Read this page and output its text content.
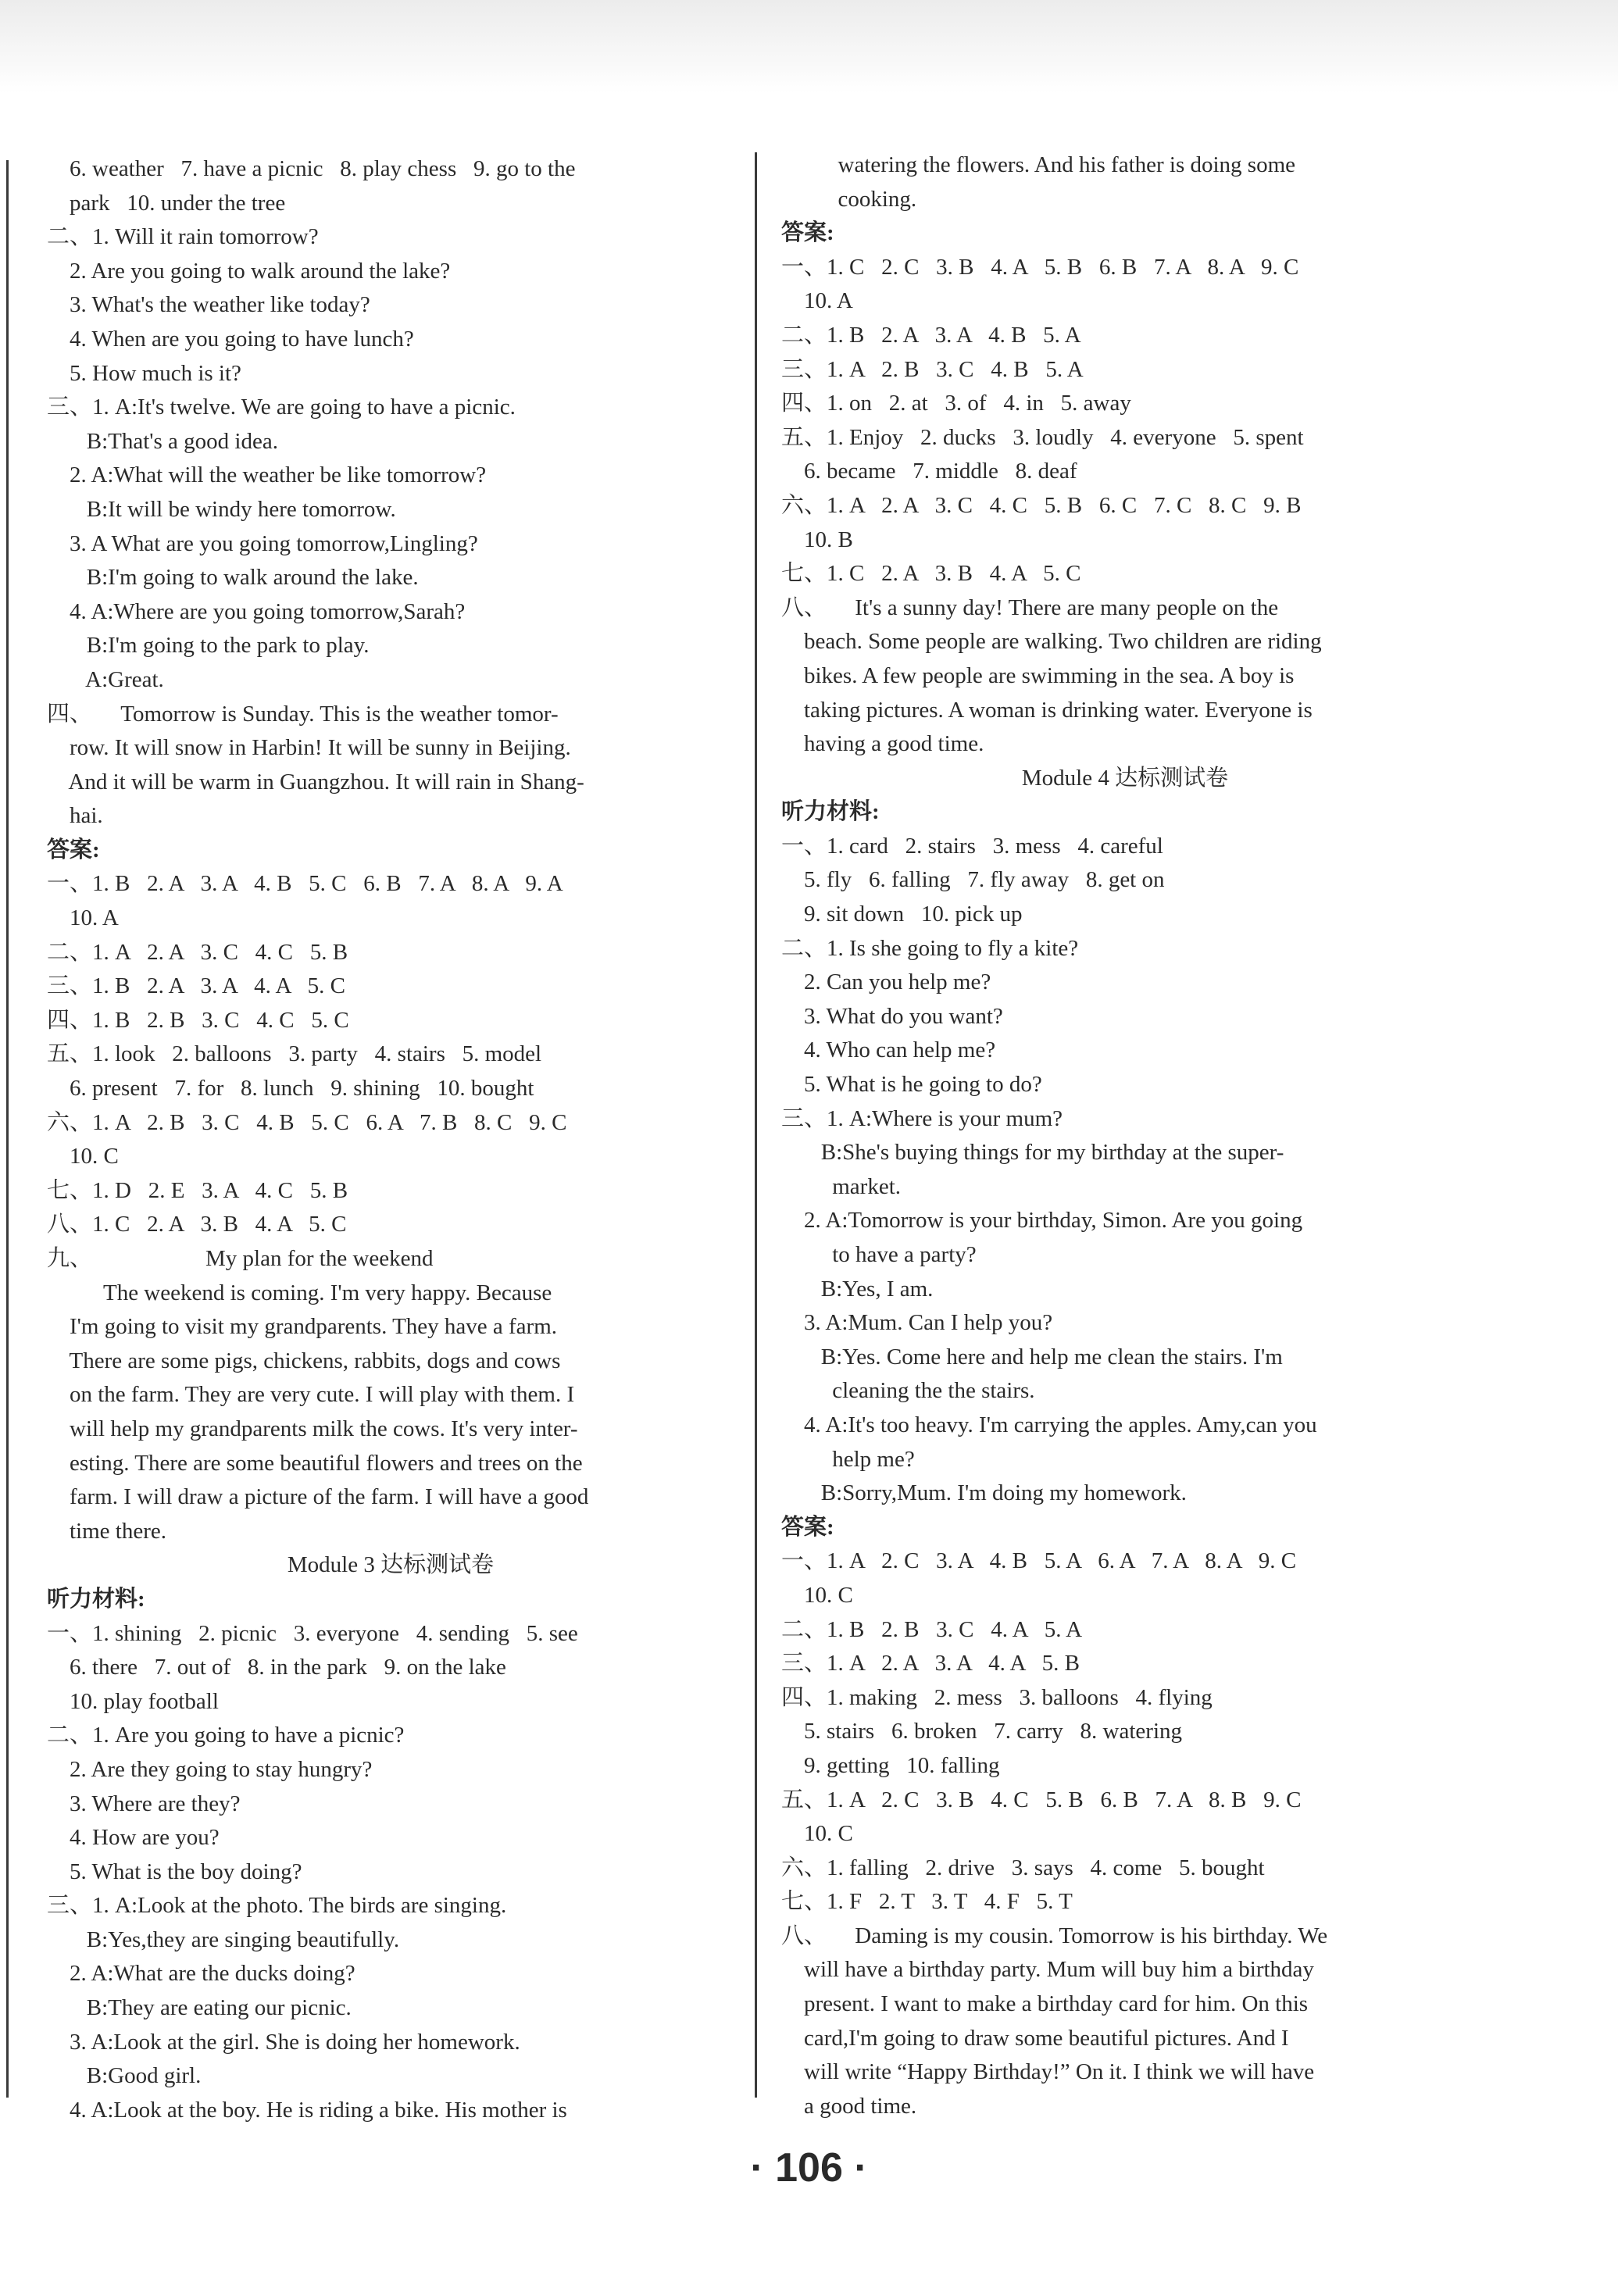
6. weather   7. have a picnic   8. play chess   9. go to the
park   10. under the tree
二、1. Will it rain tomorrow?
2. Are you going to walk around the lake?
3. What's the weather like today?
4. When are you going to have lunch?
5. How much is it?
三、1. A:It's twelve. We are going to have a picnic.
B:That's a good idea.
2. A:What will the weather be like tomorrow?
B:It will be windy here tomorrow.
3. A What are you going tomorrow,Lingling?
B:I'm going to walk around the lake.
4. A:Where are you going tomorrow,Sarah?
B:I'm going to the park to play.
A:Great.
四、     Tomorrow is Sunday. This is the weather tomor-
row. It will snow in Harbin! It will be sunny in Beijing.
And it will be warm in Guangzhou. It will rain in Shang-
hai.
答案:
一、1. B   2. A   3. A   4. B   5. C   6. B   7. A   8. A   9. A
10. A
二、1. A   2. A   3. C   4. C   5. B
三、1. B   2. A   3. A   4. A   5. C
四、1. B   2. B   3. C   4. C   5. C
五、1. look   2. balloons   3. party   4. stairs   5. model
6. present   7. for   8. lunch   9. shining   10. bought
六、1. A   2. B   3. C   4. B   5. C   6. A   7. B   8. C   9. C
10. C
七、1. D   2. E   3. A   4. C   5. B
八、1. C   2. A   3. B   4. A   5. C
九、                    My plan for the weekend
The weekend is coming. I'm very happy. Because
I'm going to visit my grandparents. They have a farm.
There are some pigs, chickens, rabbits, dogs and cows
on the farm. They are very cute. I will play with them. I
will help my grandparents milk the cows. It's very inter-
esting. There are some beautiful flowers and trees on the
farm. I will draw a picture of the farm. I will have a good
time there.
Module 3 达标测试卷
听力材料:
一、1. shining   2. picnic   3. everyone   4. sending   5. see
6. there   7. out of   8. in the park   9. on the lake
10. play football
二、1. Are you going to have a picnic?
2. Are they going to stay hungry?
3. Where are they?
4. How are you?
5. What is the boy doing?
三、1. A:Look at the photo. The birds are singing.
B:Yes,they are singing beautifully.
2. A:What are the ducks doing?
B:They are eating our picnic.
3. A:Look at the girl. She is doing her homework.
B:Good girl.
4. A:Look at the boy. He is riding a bike. His mother is
watering the flowers. And his father is doing some
cooking.
答案:
一、1. C   2. C   3. B   4. A   5. B   6. B   7. A   8. A   9. C
10. A
二、1. B   2. A   3. A   4. B   5. A
三、1. A   2. B   3. C   4. B   5. A
四、1. on   2. at   3. of   4. in   5. away
五、1. Enjoy   2. ducks   3. loudly   4. everyone   5. spent
6. became   7. middle   8. deaf
六、1. A   2. A   3. C   4. C   5. B   6. C   7. C   8. C   9. B
10. B
七、1. C   2. A   3. B   4. A   5. C
八、     It's a sunny day! There are many people on the
beach. Some people are walking. Two children are riding
bikes. A few people are swimming in the sea. A boy is
taking pictures. A woman is drinking water. Everyone is
having a good time.
Module 4 达标测试卷
听力材料:
一、1. card   2. stairs   3. mess   4. careful
5. fly   6. falling   7. fly away   8. get on
9. sit down   10. pick up
二、1. Is she going to fly a kite?
2. Can you help me?
3. What do you want?
4. Who can help me?
5. What is he going to do?
三、1. A:Where is your mum?
B:She's buying things for my birthday at the super-
market.
2. A:Tomorrow is your birthday, Simon. Are you going
to have a party?
B:Yes, I am.
3. A:Mum. Can I help you?
B:Yes. Come here and help me clean the stairs. I'm
cleaning the the stairs.
4. A:It's too heavy. I'm carrying the apples. Amy,can you
help me?
B:Sorry,Mum. I'm doing my homework.
答案:
一、1. A   2. C   3. A   4. B   5. A   6. A   7. A   8. A   9. C
10. C
二、1. B   2. B   3. C   4. A   5. A
三、1. A   2. A   3. A   4. A   5. B
四、1. making   2. mess   3. balloons   4. flying
5. stairs   6. broken   7. carry   8. watering
9. getting   10. falling
五、1. A   2. C   3. B   4. C   5. B   6. B   7. A   8. B   9. C
10. C
六、1. falling   2. drive   3. says   4. come   5. bought
七、1. F   2. T   3. T   4. F   5. T
八、     Daming is my cousin. Tomorrow is his birthday. We
will have a birthday party. Mum will buy him a birthday
present. I want to make a birthday card for him. On this
card,I'm going to draw some beautiful pictures. And I
will write “Happy Birthday!” On it. I think we will have
a good time.
· 106 ·
